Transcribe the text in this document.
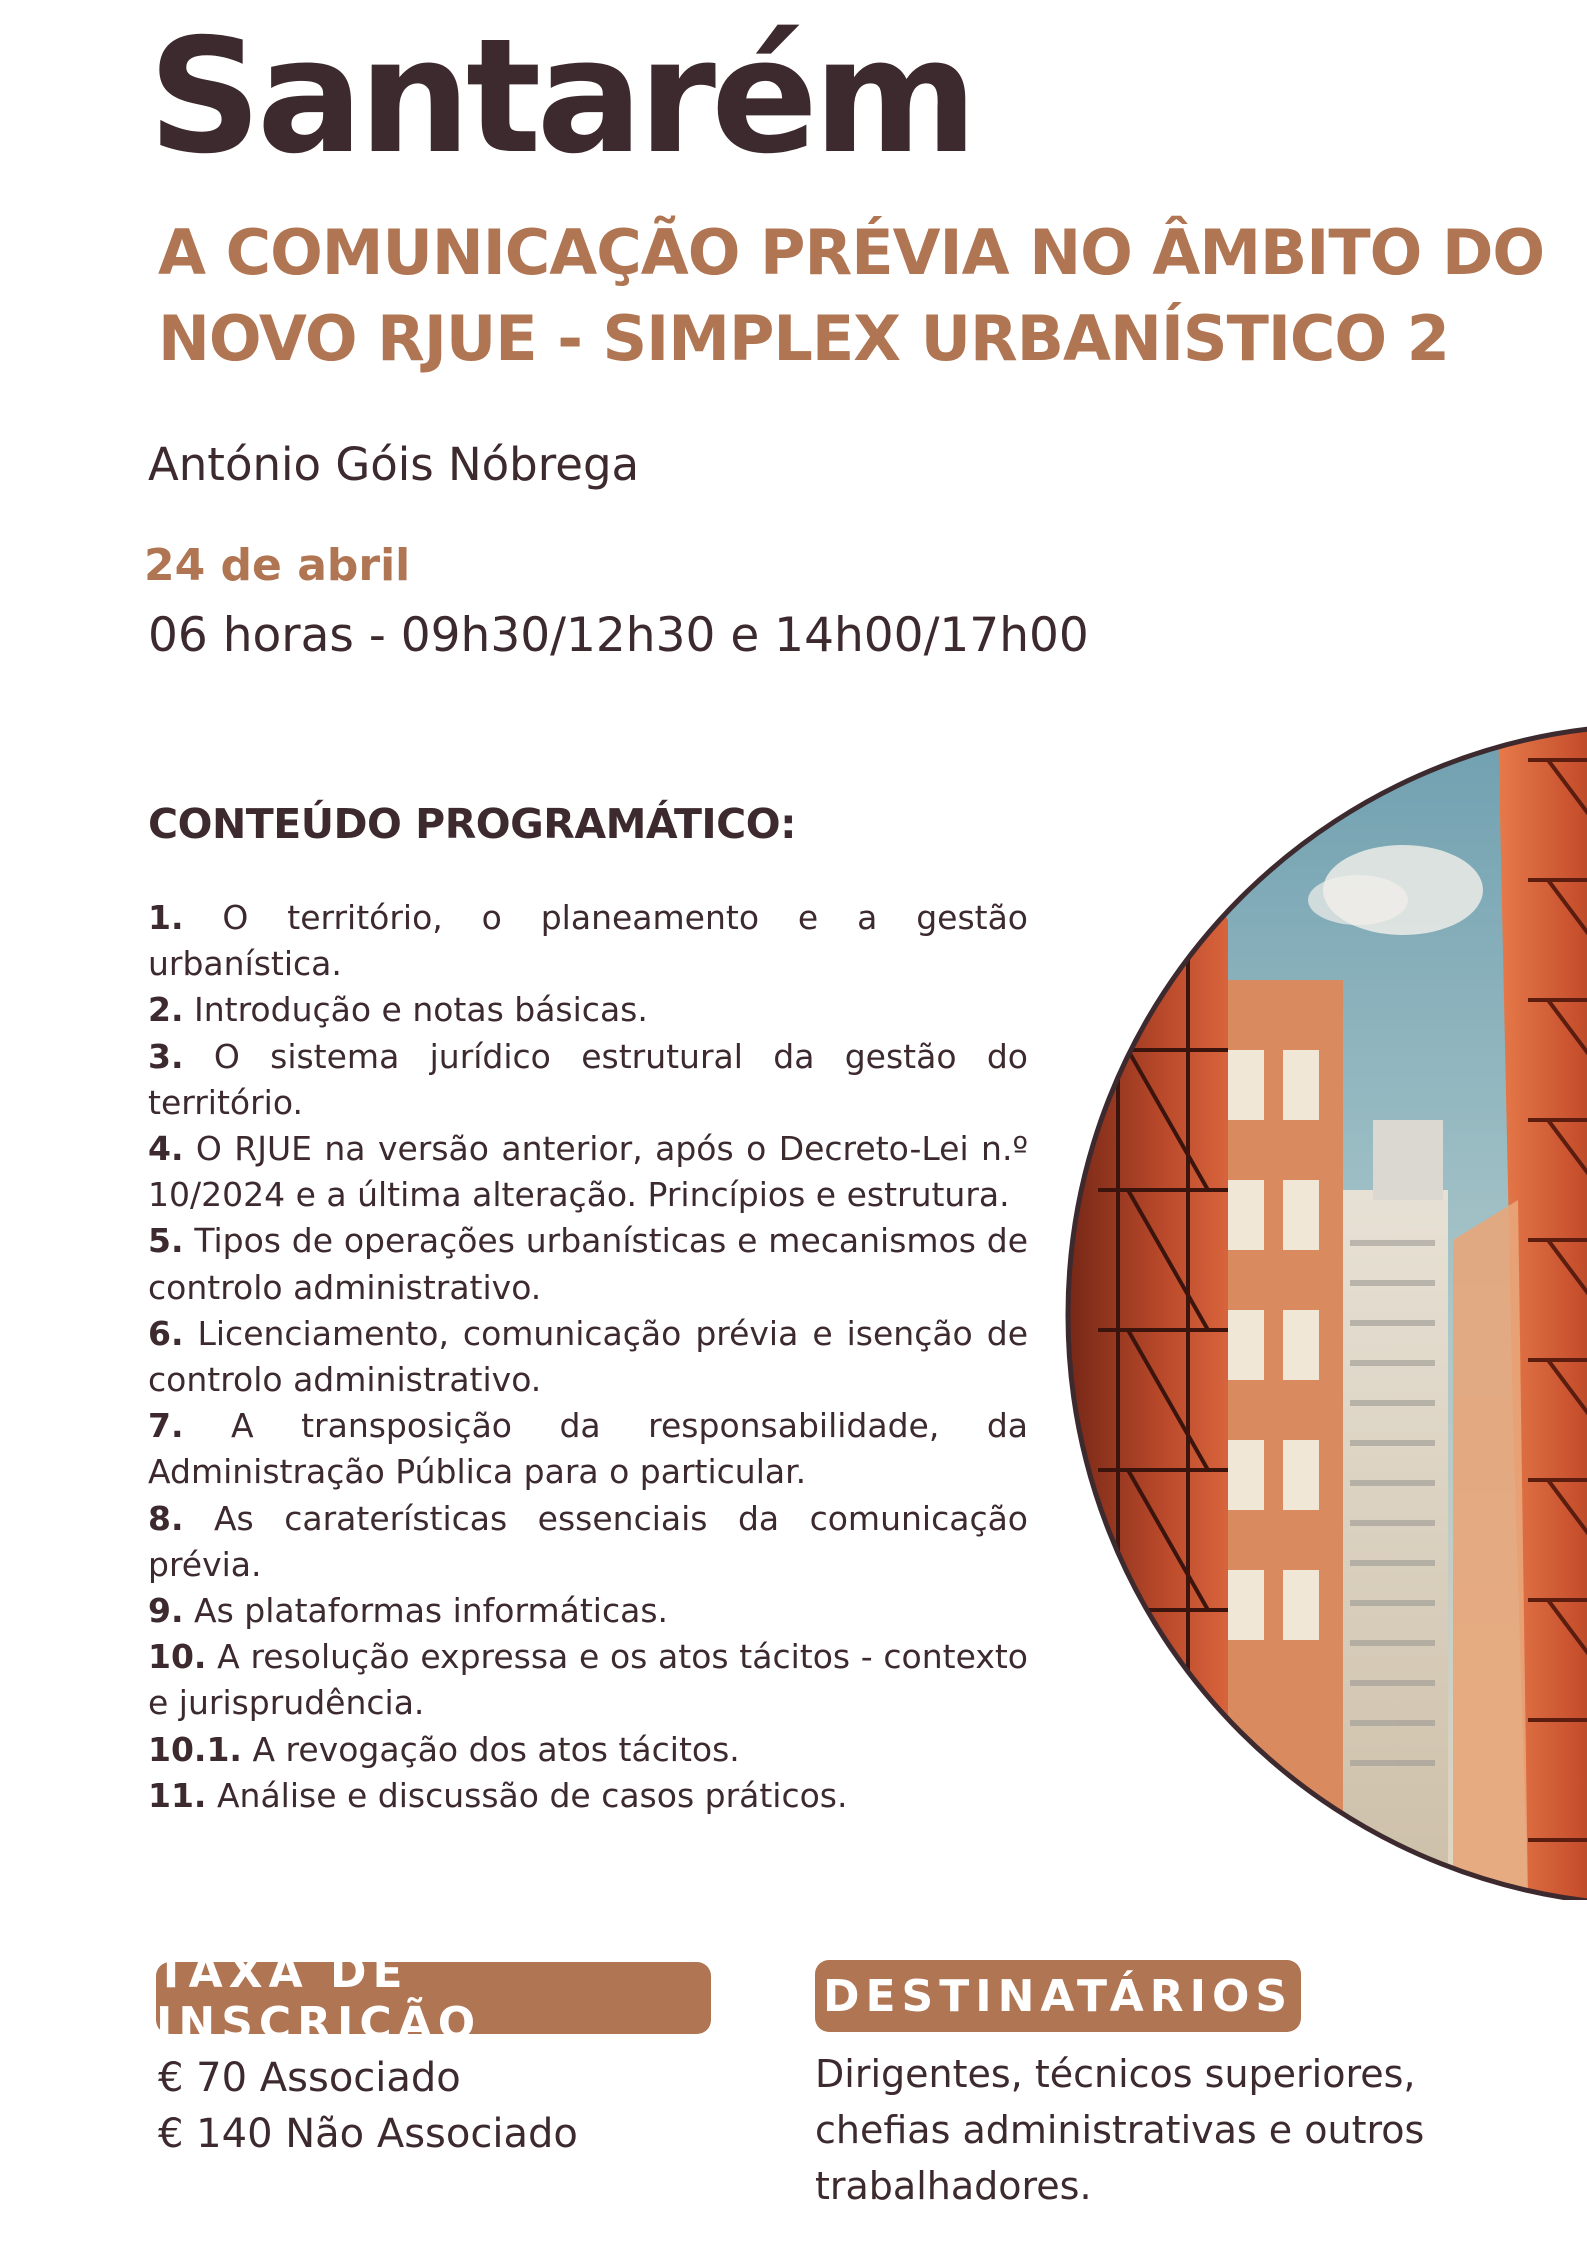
Santarém
A COMUNICAÇÃO PRÉVIA NO ÂMBITO DO
NOVO RJUE - SIMPLEX URBANÍSTICO 2
António Góis Nóbrega
24 de abril
06 horas - 09h30/12h30 e 14h00/17h00
CONTEÚDO PROGRAMÁTICO:
1. O território, o planeamento e a gestão urbanística.
2. Introdução e notas básicas.
3. O sistema jurídico estrutural da gestão do território.
4. O RJUE na versão anterior, após o Decreto-Lei n.º 10/2024 e a última alteração. Princípios e estrutura.
5. Tipos de operações urbanísticas e mecanismos de controlo administrativo.
6. Licenciamento, comunicação prévia e isenção de controlo administrativo.
7. A transposição da responsabilidade, da Administração Pública para o particular.
8. As caraterísticas essenciais da comunicação prévia.
9. As plataformas informáticas.
10. A resolução expressa e os atos tácitos - contexto e jurisprudência.
10.1. A revogação dos atos tácitos.
11. Análise e discussão de casos práticos.
TAXA DE INSCRIÇÃO
€ 70 Associado
€ 140 Não Associado
DESTINATÁRIOS
Dirigentes, técnicos superiores, chefias administrativas e outros trabalhadores.
